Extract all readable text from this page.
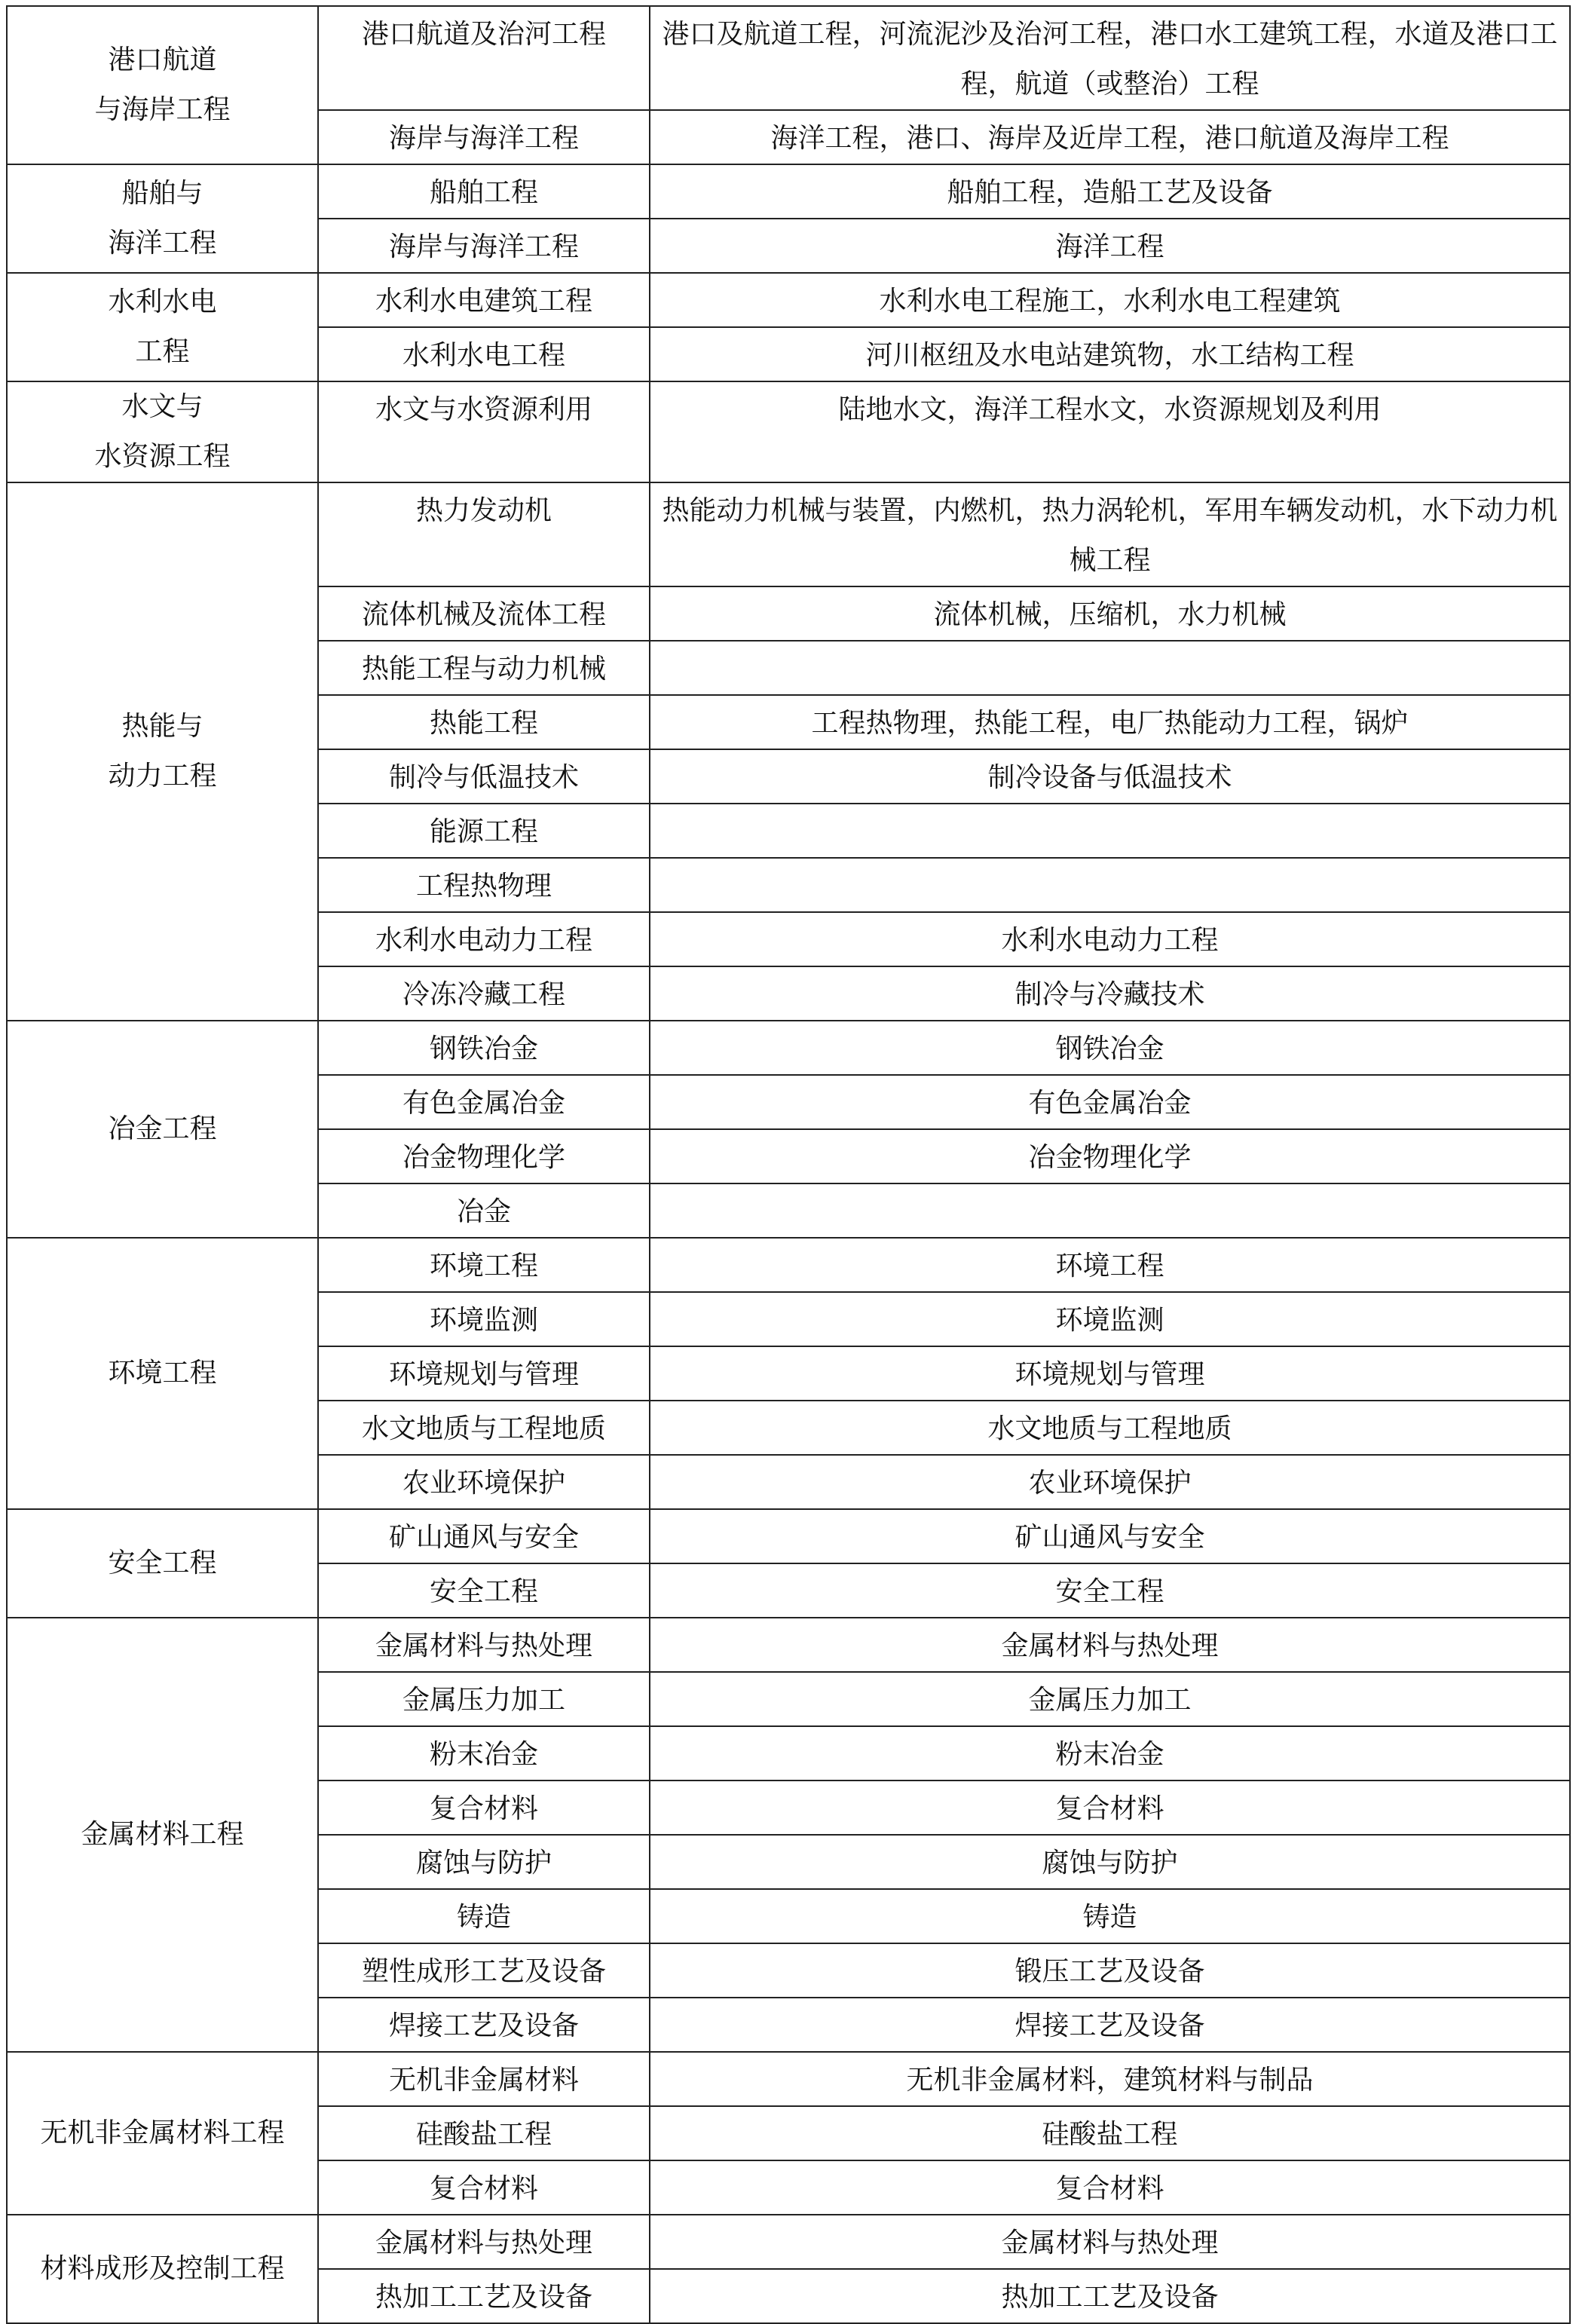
港口航道
与海岸工程	港口航道及治河工程	港口及航道工程，河流泥沙及治河工程，港口水工建筑工程，水道及港口工程，航道（或整治）工程
	海岸与海洋工程	海洋工程，港口、海岸及近岸工程，港口航道及海岸工程
船舶与
海洋工程	船舶工程	船舶工程，造船工艺及设备
	海岸与海洋工程	海洋工程
水利水电
工程	水利水电建筑工程	水利水电工程施工，水利水电工程建筑
	水利水电工程	河川枢纽及水电站建筑物，水工结构工程
水文与
水资源工程	水文与水资源利用	陆地水文，海洋工程水文，水资源规划及利用
热能与
动力工程	热力发动机	热能动力机械与装置，内燃机，热力涡轮机，军用车辆发动机，水下动力机械工程
	流体机械及流体工程	流体机械，压缩机，水力机械
	热能工程与动力机械	
	热能工程	工程热物理，热能工程，电厂热能动力工程，锅炉
	制冷与低温技术	制冷设备与低温技术
	能源工程	
	工程热物理	
	水利水电动力工程	水利水电动力工程
	冷冻冷藏工程	制冷与冷藏技术
冶金工程	钢铁冶金	钢铁冶金
	有色金属冶金	有色金属冶金
	冶金物理化学	冶金物理化学
	冶金	
环境工程	环境工程	环境工程
	环境监测	环境监测
	环境规划与管理	环境规划与管理
	水文地质与工程地质	水文地质与工程地质
	农业环境保护	农业环境保护
安全工程	矿山通风与安全	矿山通风与安全
	安全工程	安全工程
金属材料工程	金属材料与热处理	金属材料与热处理
	金属压力加工	金属压力加工
	粉末冶金	粉末冶金
	复合材料	复合材料
	腐蚀与防护	腐蚀与防护
	铸造	铸造
	塑性成形工艺及设备	锻压工艺及设备
	焊接工艺及设备	焊接工艺及设备
无机非金属材料工程	无机非金属材料	无机非金属材料，建筑材料与制品
	硅酸盐工程	硅酸盐工程
	复合材料	复合材料
材料成形及控制工程	金属材料与热处理	金属材料与热处理
	热加工工艺及设备	热加工工艺及设备
